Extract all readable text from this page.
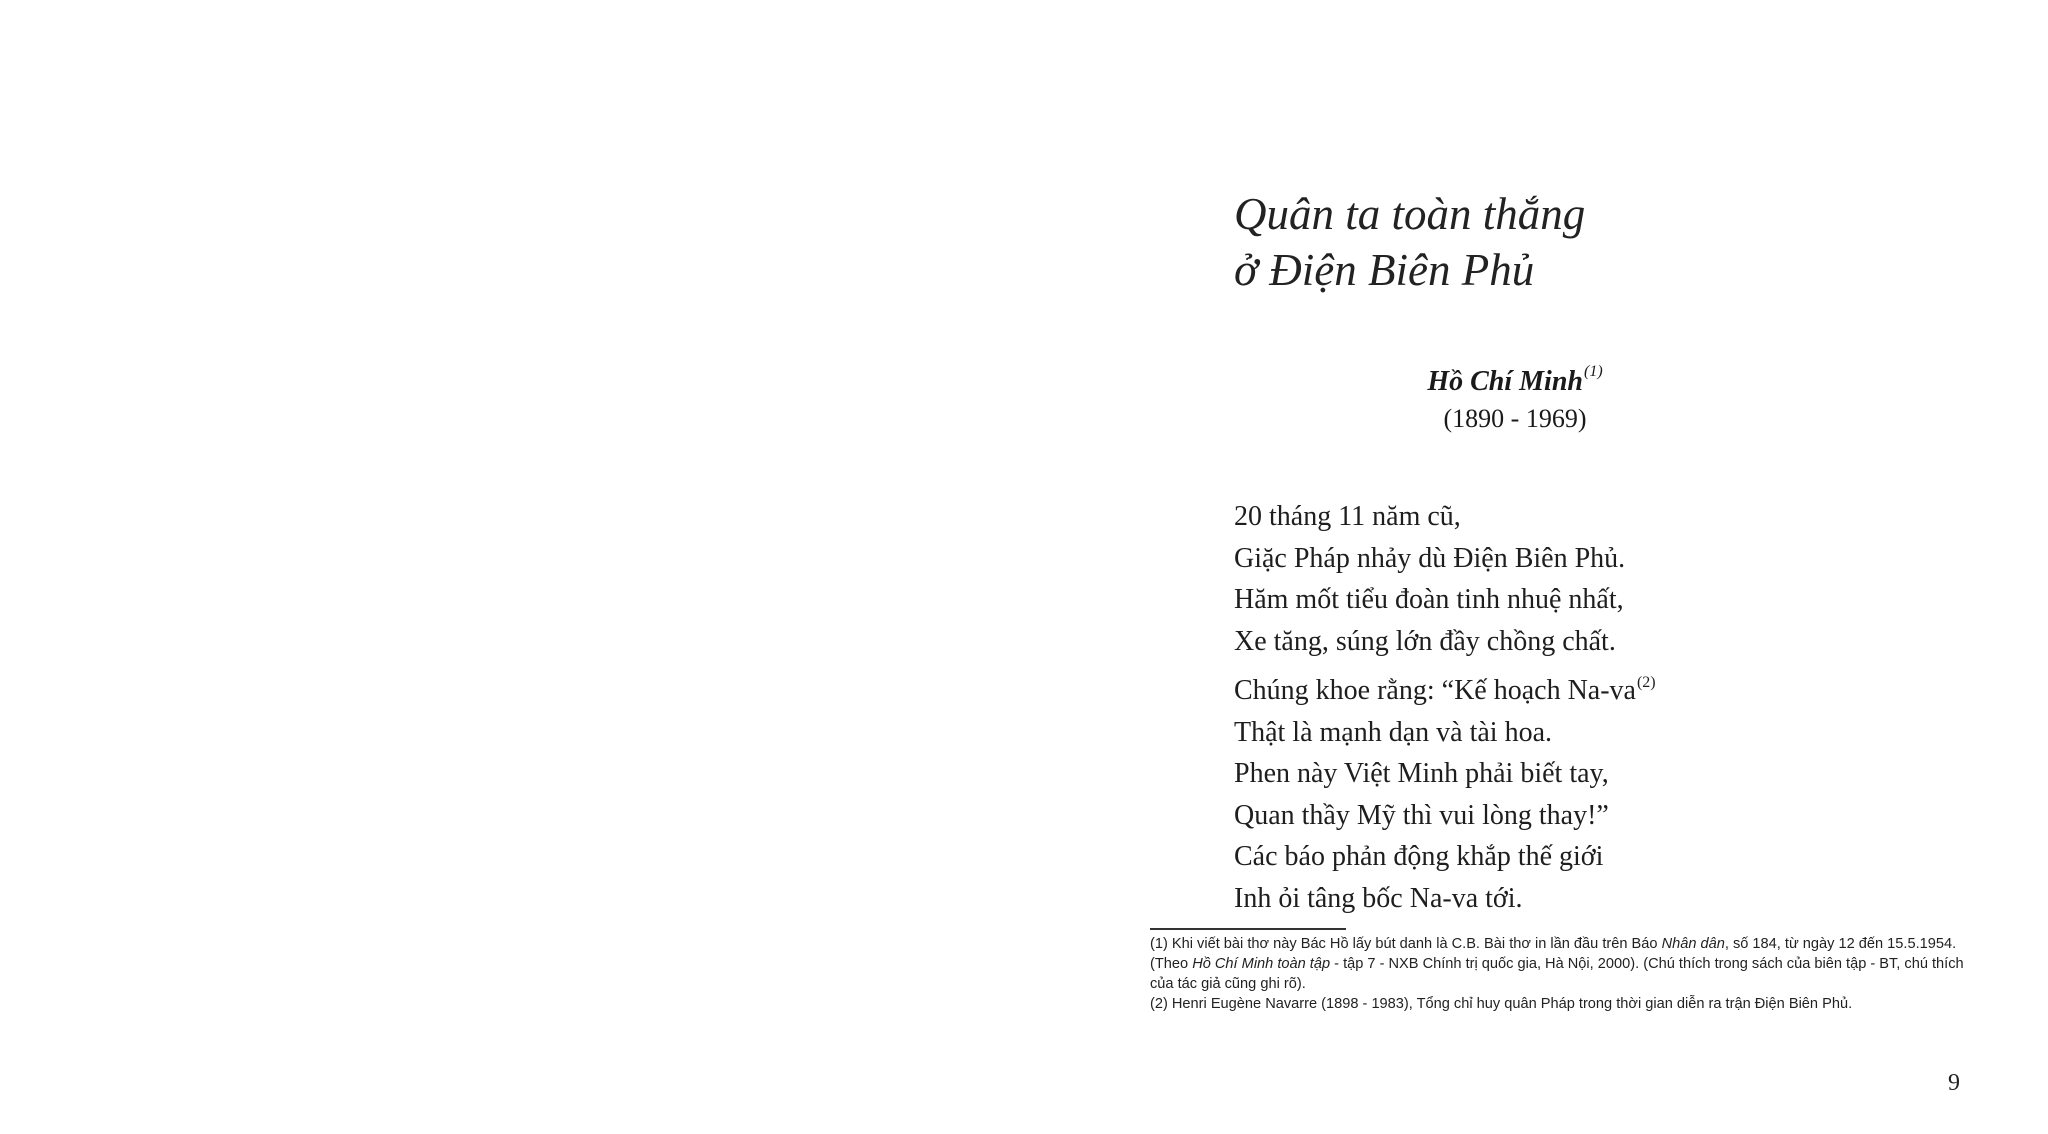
Quân ta toàn thắng
ở Điện Biên Phủ
Hồ Chí Minh$^{(1)}$
(1890 - 1969)
20 tháng 11 năm cũ,
Giặc Pháp nhảy dù Điện Biên Phủ.
Hăm mốt tiểu đoàn tinh nhuệ nhất,
Xe tăng, súng lớn đầy chồng chất.
Chúng khoe rằng: “Kế hoạch $Na-va^{(2)}$
Thật là mạnh dạn và tài hoa.
Phen này Việt Minh phải biết tay,
Quan thầy Mỹ thì vui lòng thay!”
Các báo phản động khắp thế giới
Inh ỏi tâng bốc Na-va tới.

(1) Khi viết bài thơ này Bác Hồ lấy bút danh là C.B. Bài thơ in lần đầu trên Báo Nhân dân, số 184, từ ngày 12 đến 15.5.1954. (Theo Hồ Chí Minh toàn tập - tập 7 - NXB Chính trị quốc gia, Hà Nội, 2000). (Chú thích trong sách của biên tập - BT, chú thích của tác giả cũng ghi rõ).

(2) Henri Eugène Navarre (1898 - 1983), Tổng chỉ huy quân Pháp trong thời gian diễn ra trận Điện Biên Phủ.

9
